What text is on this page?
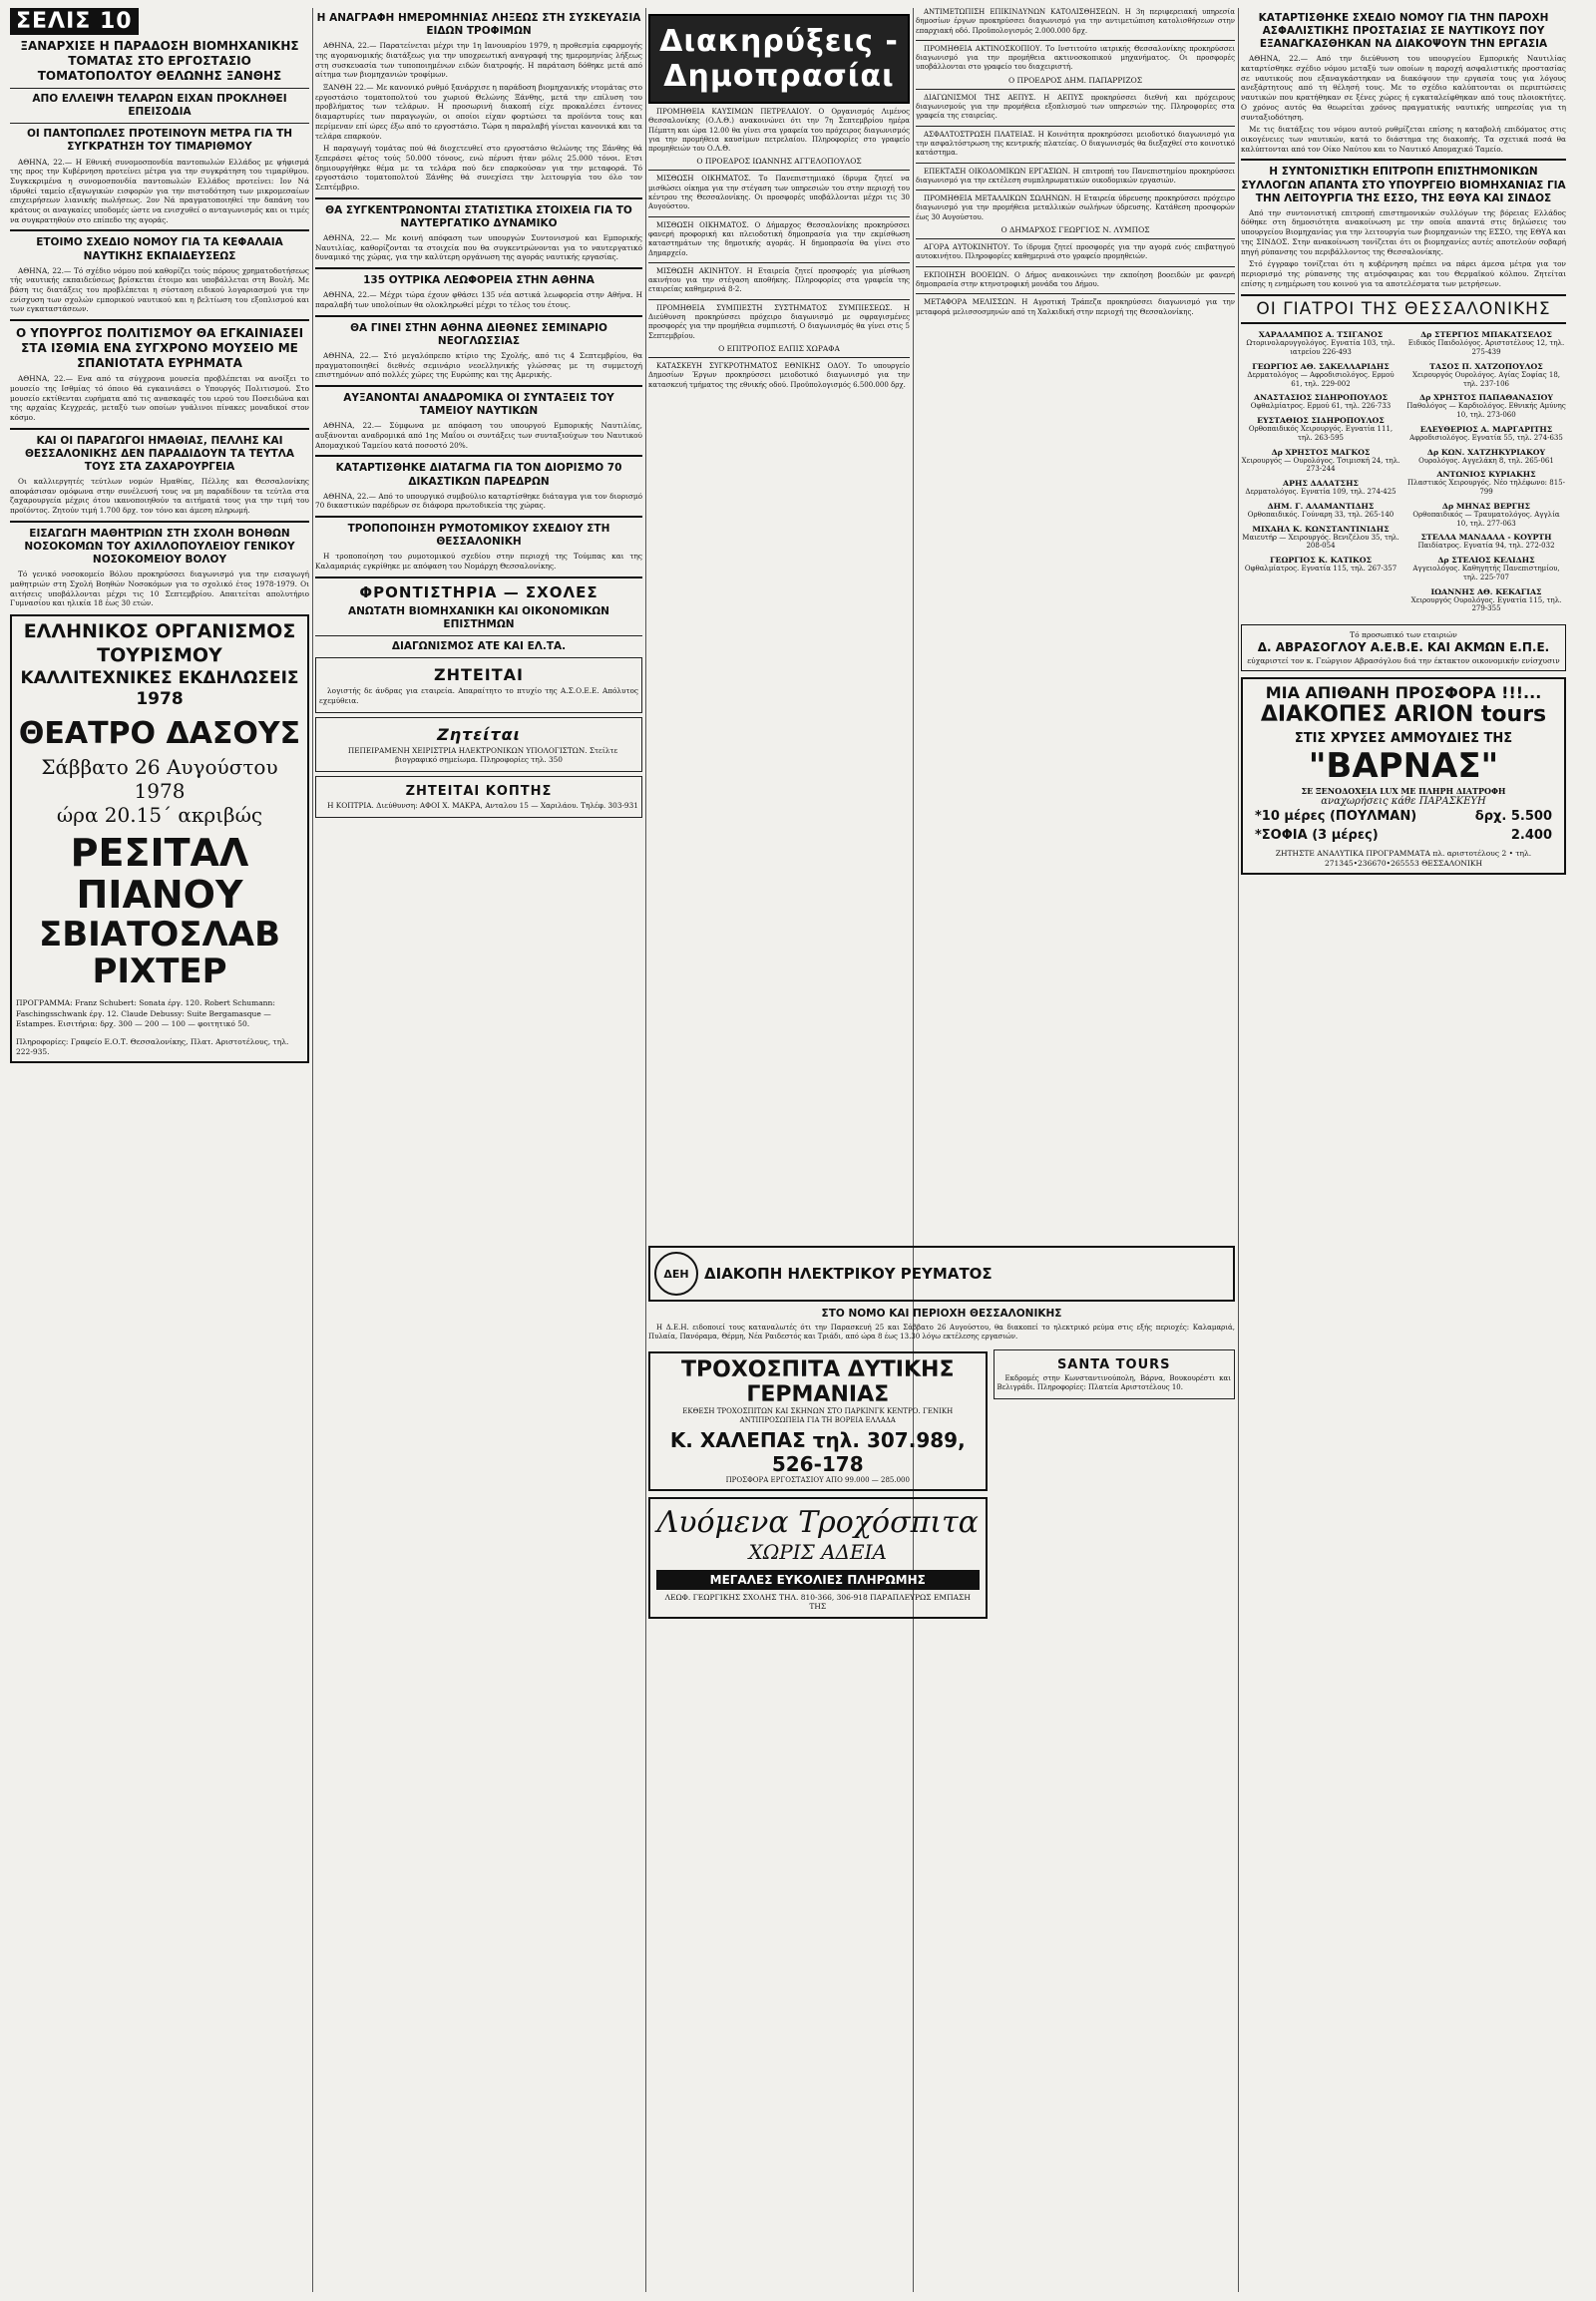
ΣΕΛΙΣ 10
ΞΑΝΑΡΧΙΣΕ Η ΠΑΡΑΔΟΣΗ ΒΙΟΜΗΧΑΝΙΚΗΣ ΤΟΜΑΤΑΣ ΣΤΟ ΕΡΓΟΣΤΑΣΙΟ ΤΟΜΑΤΟΠΟΛΤΟΥ ΘΕΛΩΝΗΣ ΞΑΝΘΗΣ
ΑΠΟ ΕΛΛΕΙΨΗ ΤΕΛΑΡΩΝ ΕΙΧΑΝ ΠΡΟΚΛΗΘΕΙ ΕΠΕΙΣΟΔΙΑ
ΟΙ ΠΑΝΤΟΠΩΛΕΣ ΠΡΟΤΕΙΝΟΥΝ ΜΕΤΡΑ ΓΙΑ ΤΗ ΣΥΓΚΡΑΤΗΣΗ ΤΟΥ ΤΙΜΑΡΙΘΜΟΥ

ΑΘΗΝΑ, 22.— Η Εθνική συνομοσπονδία παντοπωλών Ελλάδος με ψήφισμά της προς την Κυβέρνηση προτείνει μέτρα για την συγκράτηση του τιμαρίθμου. Συγκεκριμένα η συνομοσπονδία παντοπωλών Ελλάδος προτείνει: Ιον Νά ιδρυθεί ταμείο εξαγωγικών εισφορών για την πιστοδότηση των μικρομεσαίων επιχειρήσεων λιανικής πωλήσεως. 2ον Νά πραγματοποιηθεί την δαπάνη του κράτους οι αναγκαίες υποδομές ώστε να ενισχυθεί ο ανταγωνισμός και οι τιμές να συγκρατηθούν στο επίπεδο της αγοράς.

ΕΤΟΙΜΟ ΣΧΕΔΙΟ ΝΟΜΟΥ ΓΙΑ ΤΑ ΚΕΦΑΛΑΙΑ ΝΑΥΤΙΚΗΣ ΕΚΠΑΙΔΕΥΣΕΩΣ

ΑΘΗΝΑ, 22.— Τό σχέδιο νόμου πού καθορίζει τούς πόρους χρηματοδοτήσεως τής ναυτικής εκπαιδεύσεως βρίσκεται έτοιμο και υποβάλλεται στη Βουλή. Με βάση τις διατάξεις του προβλέπεται η σύσταση ειδικού λογαριασμού για την ενίσχυση των σχολών εμπορικού ναυτικού και η βελτίωση του εξοπλισμού και των εγκαταστάσεων.

Ο ΥΠΟΥΡΓΟΣ ΠΟΛΙΤΙΣΜΟΥ ΘΑ ΕΓΚΑΙΝΙΑΣΕΙ ΣΤΑ ΙΣΘΜΙΑ ΕΝΑ ΣΥΓΧΡΟΝΟ ΜΟΥΣΕΙΟ ΜΕ ΣΠΑΝΙΟΤΑΤΑ ΕΥΡΗΜΑΤΑ

ΑΘΗΝΑ, 22.— Ενα από τα σύγχρονα μουσεία προβλέπεται να ανοίξει το μουσείο της Ισθμίας τό όποιο θά εγκαινιάσει ο Υπουργός Πολιτισμού. Στο μουσείο εκτίθενται ευρήματα από τις ανασκαφές του ιερού του Ποσειδώνα και της αρχαίας Κεγχρεάς, μεταξύ των οποίων γυάλινοι πίνακες μοναδικοί στον κόσμο.

ΚΑΙ ΟΙ ΠΑΡΑΓΩΓΟΙ ΗΜΑΘΙΑΣ, ΠΕΛΛΗΣ ΚΑΙ ΘΕΣΣΑΛΟΝΙΚΗΣ ΔΕΝ ΠΑΡΑΔΙΔΟΥΝ ΤΑ ΤΕΥΤΛΑ ΤΟΥΣ ΣΤΑ ΖΑΧΑΡΟΥΡΓΕΙΑ

Οι καλλιεργητές τεύτλων νομών Ημαθίας, Πέλλης και Θεσσαλονίκης αποφάσισαν ομόφωνα στην συνέλευσή τους να μη παραδίδουν τα τεύτλα στα ζαχαρουργεία μέχρις ότου ικανοποιηθούν τα αιτήματά τους για την τιμή του προϊόντος. Ζητούν τιμή 1.700 δρχ. τον τόνο και άμεση πληρωμή.

ΕΙΣΑΓΩΓΗ ΜΑΘΗΤΡΙΩΝ ΣΤΗ ΣΧΟΛΗ ΒΟΗΘΩΝ ΝΟΣΟΚΟΜΩΝ ΤΟΥ ΑΧΙΛΛΟΠΟΥΛΕΙΟΥ ΓΕΝΙΚΟΥ ΝΟΣΟΚΟΜΕΙΟΥ ΒΟΛΟΥ

Τό γενικό νοσοκομείο Βόλου προκηρύσσει διαγωνισμό για την εισαγωγή μαθητριών στη Σχολή Βοηθών Νοσοκόμων για το σχολικό έτος 1978-1979. Οι αιτήσεις υποβάλλονται μέχρι τις 10 Σεπτεμβρίου. Απαιτείται απολυτήριο Γυμνασίου και ηλικία 18 έως 30 ετών.

ΕΛΛΗΝΙΚΟΣ ΟΡΓΑΝΙΣΜΟΣ ΤΟΥΡΙΣΜΟΥ
ΚΑΛΛΙΤΕΧΝΙΚΕΣ ΕΚΔΗΛΩΣΕΙΣ 1978
ΘΕΑΤΡΟ ΔΑΣΟΥΣ
Σάββατο 26 Αυγούστου 1978
ώρα 20.15΄ ακριβώς
ΡΕΣΙΤΑΛ ΠΙΑΝΟΥ
ΣΒΙΑΤΟΣΛΑΒ ΡΙΧΤΕΡ
ΠΡΟΓΡΑΜΜΑ: Franz Schubert: Sonata έργ. 120. Robert Schumann: Faschingsschwank έργ. 12. Claude Debussy: Suite Bergamasque — Estampes. Εισιτήρια: δρχ. 300 — 200 — 100 — φοιτητικό 50.
Πληροφορίες: Γραφείο Ε.Ο.Τ. Θεσσαλονίκης, Πλατ. Αριστοτέλους, τηλ. 222-935.
Η ΑΝΑΓΡΑΦΗ ΗΜΕΡΟΜΗΝΙΑΣ ΛΗΞΕΩΣ ΣΤΗ ΣΥΣΚΕΥΑΣΙΑ ΕΙΔΩΝ ΤΡΟΦΙΜΩΝ

ΑΘΗΝΑ, 22.— Παρατείνεται μέχρι την 1η Ιανουαρίου 1979, η προθεσμία εφαρμογής της αγορανομικής διατάξεως για την υποχρεωτική αναγραφή της ημερομηνίας λήξεως στη συσκευασία των τυποποιημένων ειδών διατροφής. Η παράταση δόθηκε μετά από αίτημα των βιομηχανιών τροφίμων.

ΞΑΝΘΗ 22.— Με κανονικό ρυθμό ξανάρχισε η παράδοση βιομηχανικής ντομάτας στο εργοστάσιο τοματοπολτού του χωριού Θελώνης Ξάνθης, μετά την επίλυση του προβλήματος των τελάρων. Η προσωρινή διακοπή είχε προκαλέσει έντονες διαμαρτυρίες των παραγωγών, οι οποίοι είχαν φορτώσει τα προϊόντα τους και περίμεναν επί ώρες έξω από το εργοστάσιο. Τώρα η παραλαβή γίνεται κανονικά και τα τελάρα επαρκούν.

Η παραγωγή τομάτας πού θά διοχετευθεί στο εργοστάσιο θελώνης της Ξάνθης θά ξεπεράσει φέτος τούς 50.000 τόνους, ενώ πέρυσι ήταν μόλις 25.000 τόνοι. Ετσι δημιουργήθηκε θέμα με τα τελάρα πού δεν επαρκούσαν για την μεταφορά. Τό εργοστάσιο τοματοπολτού Ξάνθης θά συνεχίσει την λειτουργία του όλο τον Σεπτέμβριο.

ΘΑ ΣΥΓΚΕΝΤΡΩΝΟΝΤΑΙ ΣΤΑΤΙΣΤΙΚΑ ΣΤΟΙΧΕΙΑ ΓΙΑ ΤΟ ΝΑΥΤΕΡΓΑΤΙΚΟ ΔΥΝΑΜΙΚΟ

ΑΘΗΝΑ, 22.— Με κοινή απόφαση των υπουργών Συντονισμού και Εμπορικής Ναυτιλίας, καθορίζονται τα στοιχεία που θα συγκεντρώνονται για το ναυτεργατικό δυναμικό της χώρας, για την καλύτερη οργάνωση της αγοράς ναυτικής εργασίας.

135 ΟΥΤΡΙΚΑ ΛΕΩΦΟΡΕΙΑ ΣΤΗΝ ΑΘΗΝΑ

ΑΘΗΝΑ, 22.— Μέχρι τώρα έχουν φθάσει 135 νέα αστικά λεωφορεία στην Αθήνα. Η παραλαβή των υπολοίπων θα ολοκληρωθεί μέχρι το τέλος του έτους.

ΘΑ ΓΙΝΕΙ ΣΤΗΝ ΑΘΗΝΑ ΔΙΕΘΝΕΣ ΣΕΜΙΝΑΡΙΟ ΝΕΟΓΛΩΣΣΙΑΣ

ΑΘΗΝΑ, 22.— Στό μεγαλόπρεπο κτίριο της Σχολής, από τις 4 Σεπτεμβρίου, θα πραγματοποιηθεί διεθνές σεμινάριο νεοελληνικής γλώσσας με τη συμμετοχή επιστημόνων από πολλές χώρες της Ευρώπης και της Αμερικής.

ΑΥΞΑΝΟΝΤΑΙ ΑΝΑΔΡΟΜΙΚΑ ΟΙ ΣΥΝΤΑΞΕΙΣ ΤΟΥ ΤΑΜΕΙΟΥ ΝΑΥΤΙΚΩΝ

ΑΘΗΝΑ, 22.— Σύμφωνα με απόφαση του υπουργού Εμπορικής Ναυτιλίας, αυξάνονται αναδρομικά από 1ης Μαΐου οι συντάξεις των συνταξιούχων του Ναυτικού Απομαχικού Ταμείου κατά ποσοστό 20%.

ΚΑΤΑΡΤΙΣΘΗΚΕ ΔΙΑΤΑΓΜΑ ΓΙΑ ΤΟΝ ΔΙΟΡΙΣΜΟ 70 ΔΙΚΑΣΤΙΚΩΝ ΠΑΡΕΔΡΩΝ

ΑΘΗΝΑ, 22.— Από το υπουργικό συμβούλιο καταρτίσθηκε διάταγμα για τον διορισμό 70 δικαστικών παρέδρων σε διάφορα πρωτοδικεία της χώρας.

ΤΡΟΠΟΠΟΙΗΣΗ ΡΥΜΟΤΟΜΙΚΟΥ ΣΧΕΔΙΟΥ ΣΤΗ ΘΕΣΣΑΛΟΝΙΚΗ

Η τροποποίηση του ρυμοτομικού σχεδίου στην περιοχή της Τούμπας και της Καλαμαριάς εγκρίθηκε με απόφαση του Νομάρχη Θεσσαλονίκης.

ΦΡΟΝΤΙΣΤΗΡΙΑ — ΣΧΟΛΕΣ
ΑΝΩΤΑΤΗ ΒΙΟΜΗΧΑΝΙΚΗ ΚΑΙ ΟΙΚΟΝΟΜΙΚΩΝ ΕΠΙΣΤΗΜΩΝ
ΔΙΑΓΩΝΙΣΜΟΣ ΑΤΕ ΚΑΙ ΕΛ.ΤΑ.
ΖΗΤΕΙΤΑΙ

λογιστής δε άνδρας για εταιρεία. Απαραίτητο το πτυχίο της Α.Σ.Ο.Ε.Ε. Απόλυτος εχεμύθεια.

Ζητείται

ΠΕΠΕΙΡΑΜΕΝΗ ΧΕΙΡΙΣΤΡΙΑ ΗΛΕΚΤΡΟΝΙΚΩΝ ΥΠΟΛΟΓΙΣΤΩΝ. Στείλτε βιογραφικό σημείωμα. Πληροφορίες τηλ. 350

ΖΗΤΕΙΤΑΙ ΚΟΠΤΗΣ

Η ΚΟΠΤΡΙΑ. Διεύθυνση: ΑΦΟΙ Χ. ΜΑΚΡΑ, Ανταλου 15 — Χαριλάου. Τηλέφ. 303-931

Διακηρύξεις - Δημοπρασίαι

ΠΡΟΜΗΘΕΙΑ ΚΑΥΣΙΜΩΝ ΠΕΤΡΕΛΑΙΟΥ. Ο Οργανισμός Λιμένος Θεσσαλονίκης (Ο.Λ.Θ.) ανακοινώνει ότι την 7η Σεπτεμβρίου ημέρα Πέμπτη και ώρα 12.00 θα γίνει στα γραφεία του πρόχειρος διαγωνισμός για την προμήθεια καυσίμων πετρελαίου. Πληροφορίες στο γραφείο προμηθειών του Ο.Λ.Θ.

Ο ΠΡΟΕΔΡΟΣ ΙΩΑΝΝΗΣ ΑΓΓΕΛΟΠΟΥΛΟΣ

ΜΙΣΘΩΣΗ ΟΙΚΗΜΑΤΟΣ. Το Πανεπιστημιακό ίδρυμα ζητεί να μισθώσει οίκημα για την στέγαση των υπηρεσιών του στην περιοχή του κέντρου της Θεσσαλονίκης. Οι προσφορές υποβάλλονται μέχρι τις 30 Αυγούστου.

ΜΙΣΘΩΣΗ ΟΙΚΗΜΑΤΟΣ. Ο Δήμαρχος Θεσσαλονίκης προκηρύσσει φανερή προφορική και πλειοδοτική δημοπρασία για την εκμίσθωση καταστημάτων της δημοτικής αγοράς. Η δημοπρασία θα γίνει στο Δημαρχείο.

ΜΙΣΘΩΣΗ ΑΚΙΝΗΤΟΥ. Η Εταιρεία ζητεί προσφορές για μίσθωση ακινήτου για την στέγαση αποθήκης. Πληροφορίες στα γραφεία της εταιρείας καθημερινά 8-2.

ΠΡΟΜΗΘΕΙΑ ΣΥΜΠΙΕΣΤΗ ΣΥΣΤΗΜΑΤΟΣ ΣΥΜΠΙΕΣΕΩΣ. Η Διεύθυνση προκηρύσσει πρόχειρο διαγωνισμό με σφραγισμένες προσφορές για την προμήθεια συμπιεστή. Ο διαγωνισμός θα γίνει στις 5 Σεπτεμβρίου.

Ο ΕΠΙΤΡΟΠΟΣ ΕΛΠΙΣ ΧΩΡΑΦΑ

ΚΑΤΑΣΚΕΥΗ ΣΥΓΚΡΟΤΗΜΑΤΟΣ ΕΘΝΙΚΗΣ ΟΔΟΥ. Το υπουργείο Δημοσίων Έργων προκηρύσσει μειοδοτικό διαγωνισμό για την κατασκευή τμήματος της εθνικής οδού. Προϋπολογισμός 6.500.000 δρχ.

ΑΝΤΙΜΕΤΩΠΙΣΗ ΕΠΙΚΙΝΔΥΝΩΝ ΚΑΤΟΛΙΣΘΗΣΕΩΝ. Η 3η περιφερειακή υπηρεσία δημοσίων έργων προκηρύσσει διαγωνισμό για την αντιμετώπιση κατολισθήσεων στην επαρχιακή οδό. Προϋπολογισμός 2.000.000 δρχ.

ΠΡΟΜΗΘΕΙΑ ΑΚΤΙΝΟΣΚΟΠΙΟΥ. Το Ινστιτούτο ιατρικής Θεσσαλονίκης προκηρύσσει διαγωνισμό για την προμήθεια ακτινοσκοπικού μηχανήματος. Οι προσφορές υποβάλλονται στο γραφείο του διαχειριστή.

Ο ΠΡΟΕΔΡΟΣ ΔΗΜ. ΠΑΠΑΡΡΙΖΟΣ

ΔΙΑΓΩΝΙΣΜΟΙ ΤΗΣ ΑΕΠΥΣ. Η ΑΕΠΥΣ προκηρύσσει διεθνή και πρόχειρους διαγωνισμούς για την προμήθεια εξοπλισμού των υπηρεσιών της. Πληροφορίες στα γραφεία της εταιρείας.

ΑΣΦΑΛΤΟΣΤΡΩΣΗ ΠΛΑΤΕΙΑΣ. Η Κοινότητα προκηρύσσει μειοδοτικό διαγωνισμό για την ασφαλτόστρωση της κεντρικής πλατείας. Ο διαγωνισμός θα διεξαχθεί στο κοινοτικό κατάστημα.

ΕΠΕΚΤΑΣΗ ΟΙΚΟΔΟΜΙΚΩΝ ΕΡΓΑΣΙΩΝ. Η επιτροπή του Πανεπιστημίου προκηρύσσει διαγωνισμό για την εκτέλεση συμπληρωματικών οικοδομικών εργασιών.

ΠΡΟΜΗΘΕΙΑ ΜΕΤΑΛΛΙΚΩΝ ΣΩΛΗΝΩΝ. Η Εταιρεία ύδρευσης προκηρύσσει πρόχειρο διαγωνισμό για την προμήθεια μεταλλικών σωλήνων ύδρευσης. Κατάθεση προσφορών έως 30 Αυγούστου.

Ο ΔΗΜΑΡΧΟΣ ΓΕΩΡΓΙΟΣ Ν. ΛΥΜΠΟΣ

ΑΓΟΡΑ ΑΥΤΟΚΙΝΗΤΟΥ. Το ίδρυμα ζητεί προσφορές για την αγορά ενός επιβατηγού αυτοκινήτου. Πληροφορίες καθημερινά στο γραφείο προμηθειών.

ΕΚΠΟΙΗΣΗ ΒΟΟΕΙΩΝ. Ο Δήμος ανακοινώνει την εκποίηση βοοειδών με φανερή δημοπρασία στην κτηνοτροφική μονάδα του Δήμου.

ΜΕΤΑΦΟΡΑ ΜΕΛΙΣΣΩΝ. Η Αγροτική Τράπεζα προκηρύσσει διαγωνισμό για την μεταφορά μελισσοσμηνών από τη Χαλκιδική στην περιοχή της Θεσσαλονίκης.

ΔΕΗ	ΔΙΑΚΟΠΗ ΗΛΕΚΤΡΙΚΟΥ ΡΕΥΜΑΤΟΣ
ΣΤΟ ΝΟΜΟ ΚΑΙ ΠΕΡΙΟΧΗ ΘΕΣΣΑΛΟΝΙΚΗΣ

Η Δ.Ε.Η. ειδοποιεί τους καταναλωτές ότι την Παρασκευή 25 και Σάββατο 26 Αυγούστου, θα διακοπεί το ηλεκτρικό ρεύμα στις εξής περιοχές: Καλαμαριά, Πυλαία, Πανόραμα, Θέρμη, Νέα Ραιδεστός και Τριάδι, από ώρα 8 έως 13.30 λόγω εκτέλεσης εργασιών.

ΤΡΟΧΟΣΠΙΤΑ ΔΥΤΙΚΗΣ ΓΕΡΜΑΝΙΑΣ
ΕΚΘΕΣΗ ΤΡΟΧΟΣΠΙΤΩΝ ΚΑΙ ΣΚΗΝΩΝ ΣΤΟ ΠΑΡΚΙΝΓΚ ΚΕΝΤΡΟ. ΓΕΝΙΚΗ ΑΝΤΙΠΡΟΣΩΠΕΙΑ ΓΙΑ ΤΗ ΒΟΡΕΙΑ ΕΛΛΑΔΑ
Κ. ΧΑΛΕΠΑΣ τηλ. 307.989, 526-178
ΠΡΟΣΦΟΡΑ ΕΡΓΟΣΤΑΣΙΟΥ ΑΠΟ 99.000 — 285.000
Λυόμενα Τροχόσπιτα
ΧΩΡΙΣ ΑΔΕΙΑ
ΜΕΓΑΛΕΣ ΕΥΚΟΛΙΕΣ ΠΛΗΡΩΜΗΣ
ΛΕΩΦ. ΓΕΩΡΓΙΚΗΣ ΣΧΟΛΗΣ ΤΗΛ. 810-366, 306-918 ΠΑΡΑΠΛΕΥΡΩΣ ΕΜΠΑΣΗ ΤΗΣ
SANTA TOURS

Εκδρομές στην Κωνσταντινούπολη, Βάρνα, Βουκουρέστι και Βελιγράδι. Πληροφορίες: Πλατεία Αριστοτέλους 10.

ΚΑΤΑΡΤΙΣΘΗΚΕ ΣΧΕΔΙΟ ΝΟΜΟΥ ΓΙΑ ΤΗΝ ΠΑΡΟΧΗ ΑΣΦΑΛΙΣΤΙΚΗΣ ΠΡΟΣΤΑΣΙΑΣ ΣΕ ΝΑΥΤΙΚΟΥΣ ΠΟΥ ΕΞΑΝΑΓΚΑΣΘΗΚΑΝ ΝΑ ΔΙΑΚΟΨΟΥΝ ΤΗΝ ΕΡΓΑΣΙΑ

ΑΘΗΝΑ, 22.— Από την διεύθυνση του υπουργείου Εμπορικής Ναυτιλίας καταρτίσθηκε σχέδιο νόμου μεταξύ των οποίων η παροχή ασφαλιστικής προστασίας σε ναυτικούς που εξαναγκάστηκαν να διακόψουν την εργασία τους για λόγους ανεξάρτητους από τη θέλησή τους. Με το σχέδιο καλύπτονται οι περιπτώσεις ναυτικών που κρατήθηκαν σε ξένες χώρες ή εγκαταλείφθηκαν από τους πλοιοκτήτες. Ο χρόνος αυτός θα θεωρείται χρόνος πραγματικής ναυτικής υπηρεσίας για τη συνταξιοδότηση.

Με τις διατάξεις του νόμου αυτού ρυθμίζεται επίσης η καταβολή επιδόματος στις οικογένειες των ναυτικών, κατά το διάστημα της διακοπής. Τα σχετικά ποσά θα καλύπτονται από τον Οίκο Ναύτου και το Ναυτικό Απομαχικό Ταμείο.

Η ΣΥΝΤΟΝΙΣΤΙΚΗ ΕΠΙΤΡΟΠΗ ΕΠΙΣΤΗΜΟΝΙΚΩΝ ΣΥΛΛΟΓΩΝ ΑΠΑΝΤΑ ΣΤΟ ΥΠΟΥΡΓΕΙΟ ΒΙΟΜΗΧΑΝΙΑΣ ΓΙΑ ΤΗΝ ΛΕΙΤΟΥΡΓΙΑ ΤΗΣ ΕΣΣΟ, ΤΗΣ ΕΘΥΑ ΚΑΙ ΣΙΝΔΟΣ

Από την συντονιστική επιτροπή επιστημονικών συλλόγων της βόρειας Ελλάδος δόθηκε στη δημοσιότητα ανακοίνωση με την οποία απαντά στις δηλώσεις του υπουργείου Βιομηχανίας για την λειτουργία των βιομηχανιών της ΕΣΣΟ, της ΕΘΥΑ και της ΣΙΝΔΟΣ. Στην ανακοίνωση τονίζεται ότι οι βιομηχανίες αυτές αποτελούν σοβαρή πηγή ρύπανσης του περιβάλλοντος της Θεσσαλονίκης.

Στό έγγραφο τονίζεται ότι η κυβέρνηση πρέπει να πάρει άμεσα μέτρα για τον περιορισμό της ρύπανσης της ατμόσφαιρας και του Θερμαϊκού κόλπου. Ζητείται επίσης η ενημέρωση του κοινού για τα αποτελέσματα των μετρήσεων.

ΟΙ ΓΙΑΤΡΟΙ ΤΗΣ ΘΕΣΣΑΛΟΝΙΚΗΣ
ΧΑΡΑΛΑΜΠΟΣ Α. ΤΣΙΓΑΝΟΣ
Ωτορινολαρυγγολόγος. Εγνατία 103, τηλ. ιατρείου 226-493
ΓΕΩΡΓΙΟΣ ΑΘ. ΣΑΚΕΛΛΑΡΙΔΗΣ
Δερματολόγος — Αφροδισιολόγος. Ερμού 61, τηλ. 229-002
ΑΝΑΣΤΑΣΙΟΣ ΣΙΔΗΡΟΠΟΥΛΟΣ
Οφθαλμίατρος. Ερμού 61, τηλ. 226-733
ΕΥΣΤΑΘΙΟΣ ΣΙΔΗΡΟΠΟΥΛΟΣ
Ορθοπαιδικός Χειρουργός. Εγνατία 111, τηλ. 263-595
Δρ ΧΡΗΣΤΟΣ ΜΑΓΚΟΣ
Χειρουργός — Ουρολόγος. Τσιμισκή 24, τηλ. 273-244
ΑΡΗΣ ΔΑΛΑΤΣΗΣ
Δερματολόγος. Εγνατία 109, τηλ. 274-425
ΔΗΜ. Γ. ΑΛΑΜΑΝΤΙΔΗΣ
Ορθοπαιδικός. Γούναρη 33, τηλ. 265-140
ΜΙΧΑΗΛ Κ. ΚΩΝΣΤΑΝΤΙΝΙΔΗΣ
Μαιευτήρ — Χειρουργός. Βενιζέλου 35, τηλ. 208-054
ΓΕΩΡΓΙΟΣ Κ. ΚΑΤΙΚΟΣ
Οφθαλμίατρος. Εγνατία 115, τηλ. 267-357
Δρ ΣΤΕΡΓΙΟΣ ΜΠΑΚΑΤΣΕΛΟΣ
Ειδικός Παιδολόγος. Αριστοτέλους 12, τηλ. 275-439
ΤΑΣΟΣ Π. ΧΑΤΖΟΠΟΥΛΟΣ
Χειρουργός Ουρολόγος. Αγίας Σοφίας 18, τηλ. 237-106
Δρ ΧΡΗΣΤΟΣ ΠΑΠΑΘΑΝΑΣΙΟΥ
Παθολόγος — Καρδιολόγος. Εθνικής Αμύνης 10, τηλ. 273-060
ΕΛΕΥΘΕΡΙΟΣ Α. ΜΑΡΓΑΡΙΤΗΣ
Αφροδισιολόγος. Εγνατία 55, τηλ. 274-635
Δρ ΚΩΝ. ΧΑΤΖΗΚΥΡΙΑΚΟΥ
Ουρολόγος. Αγγελάκη 8, τηλ. 265-061
ΑΝΤΩΝΙΟΣ ΚΥΡΙΑΚΗΣ
Πλαστικός Χειρουργός. Νέο τηλέφωνο: 815-799
Δρ ΜΗΝΑΣ ΒΕΡΓΗΣ
Ορθοπαιδικός — Τραυματολόγος. Αγγλία 10, τηλ. 277-063
ΣΤΕΛΛΑ ΜΑΝΔΑΛΑ - ΚΟΥΡΤΗ
Παιδίατρος. Εγνατία 94, τηλ. 272-032
Δρ ΣΤΕΛΙΟΣ ΚΕΛΙΔΗΣ
Αγγειολόγος. Καθηγητής Πανεπιστημίου, τηλ. 225-707
ΙΩΑΝΝΗΣ ΑΘ. ΚΕΚΑΓΙΑΣ
Χειρουργός Ουρολόγος. Εγνατία 115, τηλ. 279-355
Τό προσωπικό των εταιριών
Δ. ΑΒΡΑΣΟΓΛΟΥ Α.Ε.Β.Ε. ΚΑΙ ΑΚΜΩΝ Ε.Π.Ε.
εύχαριστεί τον κ. Γεώργιον Αβρασόγλου διά την έκτακτον οικονομικήν ενίσχυσιν
ΜΙΑ ΑΠΙΘΑΝΗ ΠΡΟΣΦΟΡΑ !!!...
ΔΙΑΚΟΠΕΣ ARION tours
ΣΤΙΣ ΧΡΥΣΕΣ ΑΜΜΟΥΔΙΕΣ ΤΗΣ
"ΒΑΡΝΑΣ"
ΣΕ ΞΕΝΟΔΟΧΕΙΑ LUX ΜΕ ΠΛΗΡΗ ΔΙΑΤΡΟΦΗ
αναχωρήσεις κάθε ΠΑΡΑΣΚΕΥΗ
*10 μέρες (ΠΟΥΛΜΑΝ)	δρχ. 5.500
*ΣΟΦΙΑ (3 μέρες)	2.400
ΖΗΤΗΣΤΕ ΑΝΑΛΥΤΙΚΑ ΠΡΟΓΡΑΜΜΑΤΑ πλ. αριστοτέλους 2 • τηλ. 271345•236670•265553 ΘΕΣΣΑΛΟΝΙΚΗ
